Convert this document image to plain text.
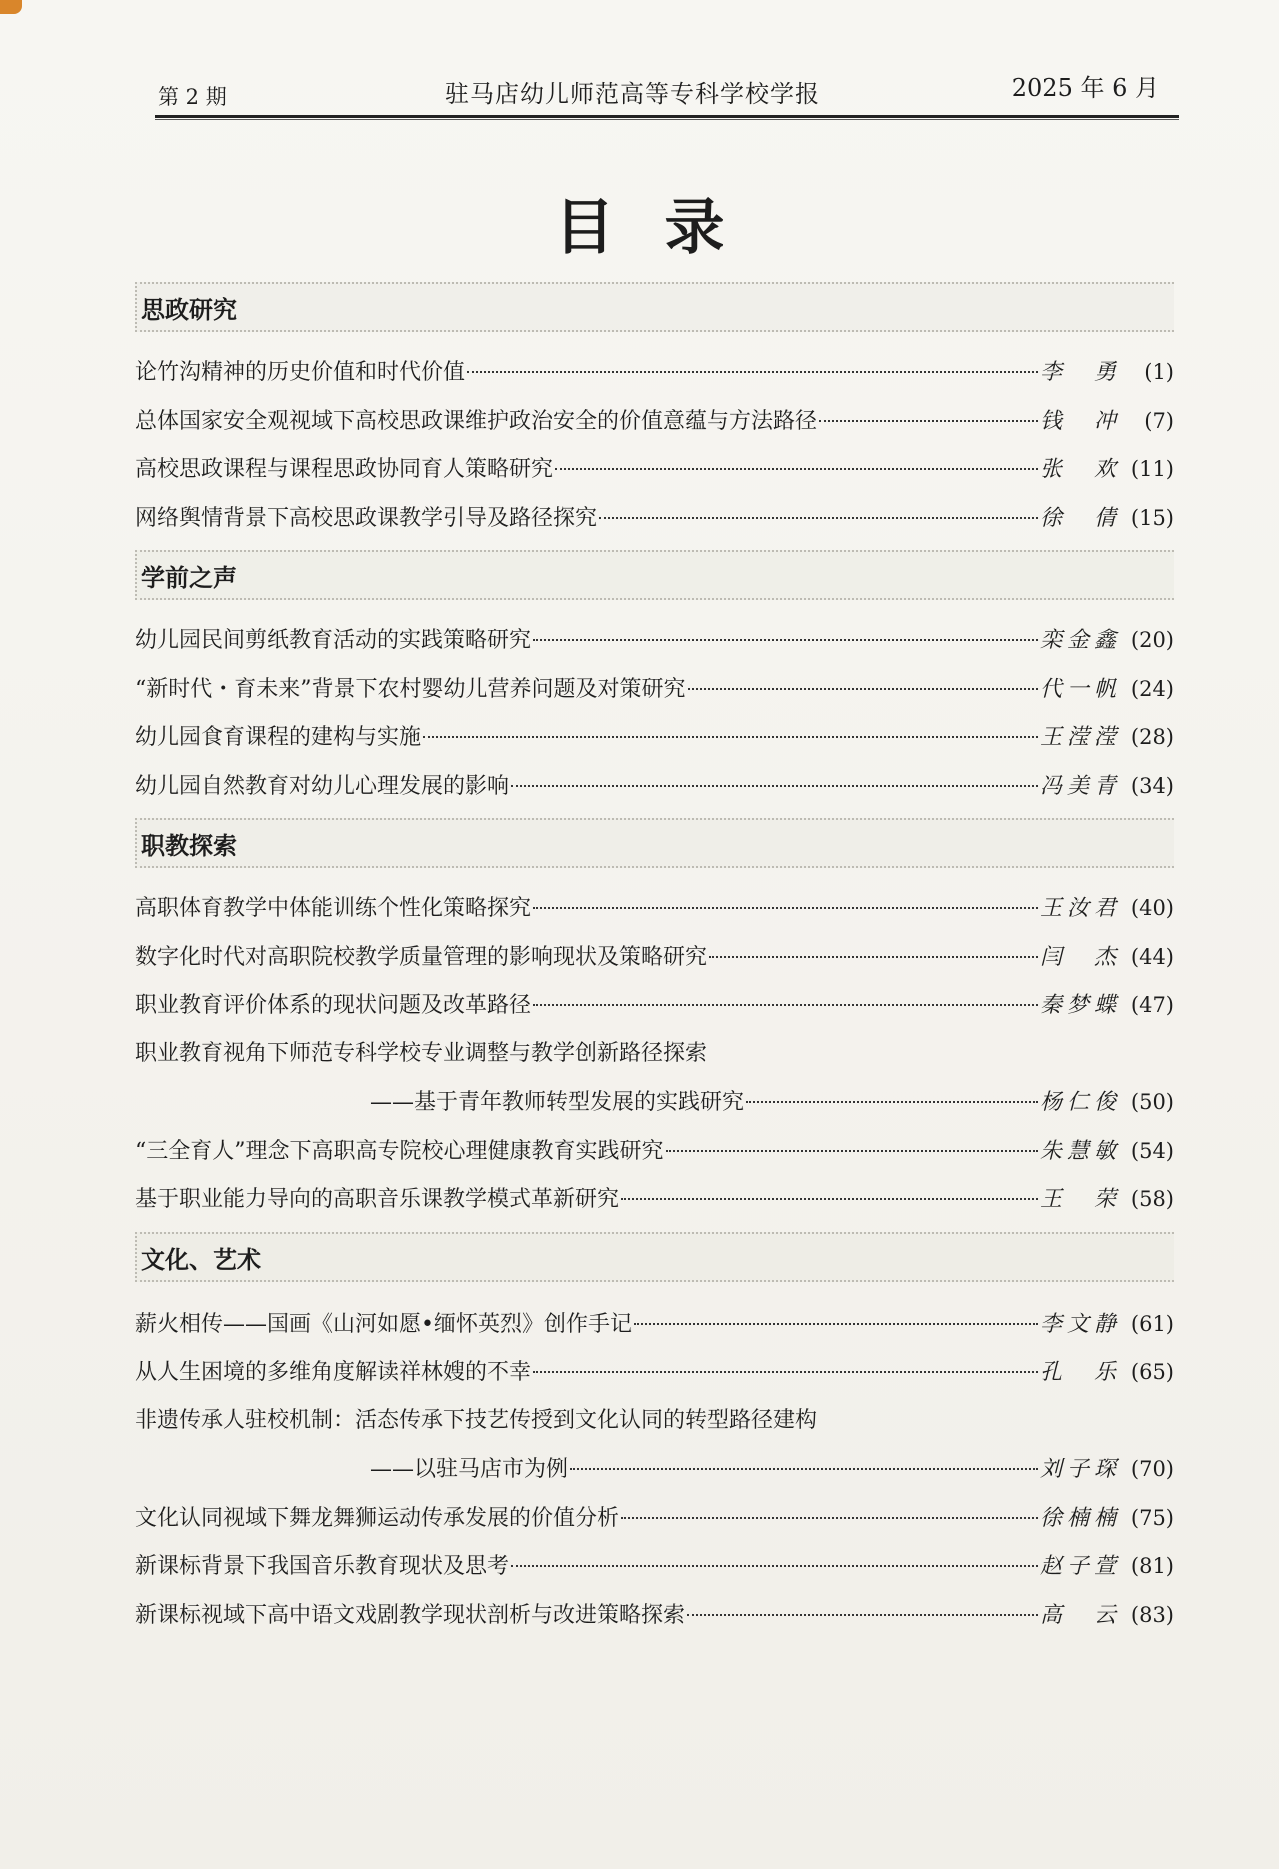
第 2 期	驻马店幼儿师范高等专科学校学报	2025 年 6 月
目录
思政研究
论竹沟精神的历史价值和时代价值	李勇	(1)
总体国家安全观视域下高校思政课维护政治安全的价值意蕴与方法路径	钱冲	(7)
高校思政课程与课程思政协同育人策略研究	张欢 (11)
网络舆情背景下高校思政课教学引导及路径探究	徐倩 (15)
学前之声
幼儿园民间剪纸教育活动的实践策略研究	栾金鑫 (20)
“新时代・育未来”背景下农村婴幼儿营养问题及对策研究	代一帆 (24)
幼儿园食育课程的建构与实施	王滢滢 (28)
幼儿园自然教育对幼儿心理发展的影响	冯美青 (34)
职教探索
高职体育教学中体能训练个性化策略探究	王汝君 (40)
数字化时代对高职院校教学质量管理的影响现状及策略研究	闫杰 (44)
职业教育评价体系的现状问题及改革路径	秦梦蝶 (47)
职业教育视角下师范专科学校专业调整与教学创新路径探索
——基于青年教师转型发展的实践研究	杨仁俊 (50)
“三全育人”理念下高职高专院校心理健康教育实践研究	朱慧敏 (54)
基于职业能力导向的高职音乐课教学模式革新研究	王荣 (58)
文化、艺术
薪火相传——国画《山河如愿•缅怀英烈》创作手记	李文静 (61)
从人生困境的多维角度解读祥林嫂的不幸	孔乐 (65)
非遗传承人驻校机制：活态传承下技艺传授到文化认同的转型路径建构
——以驻马店市为例	刘子琛 (70)
文化认同视域下舞龙舞狮运动传承发展的价值分析	徐楠楠 (75)
新课标背景下我国音乐教育现状及思考	赵子萱 (81)
新课标视域下高中语文戏剧教学现状剖析与改进策略探索	高云 (83)
